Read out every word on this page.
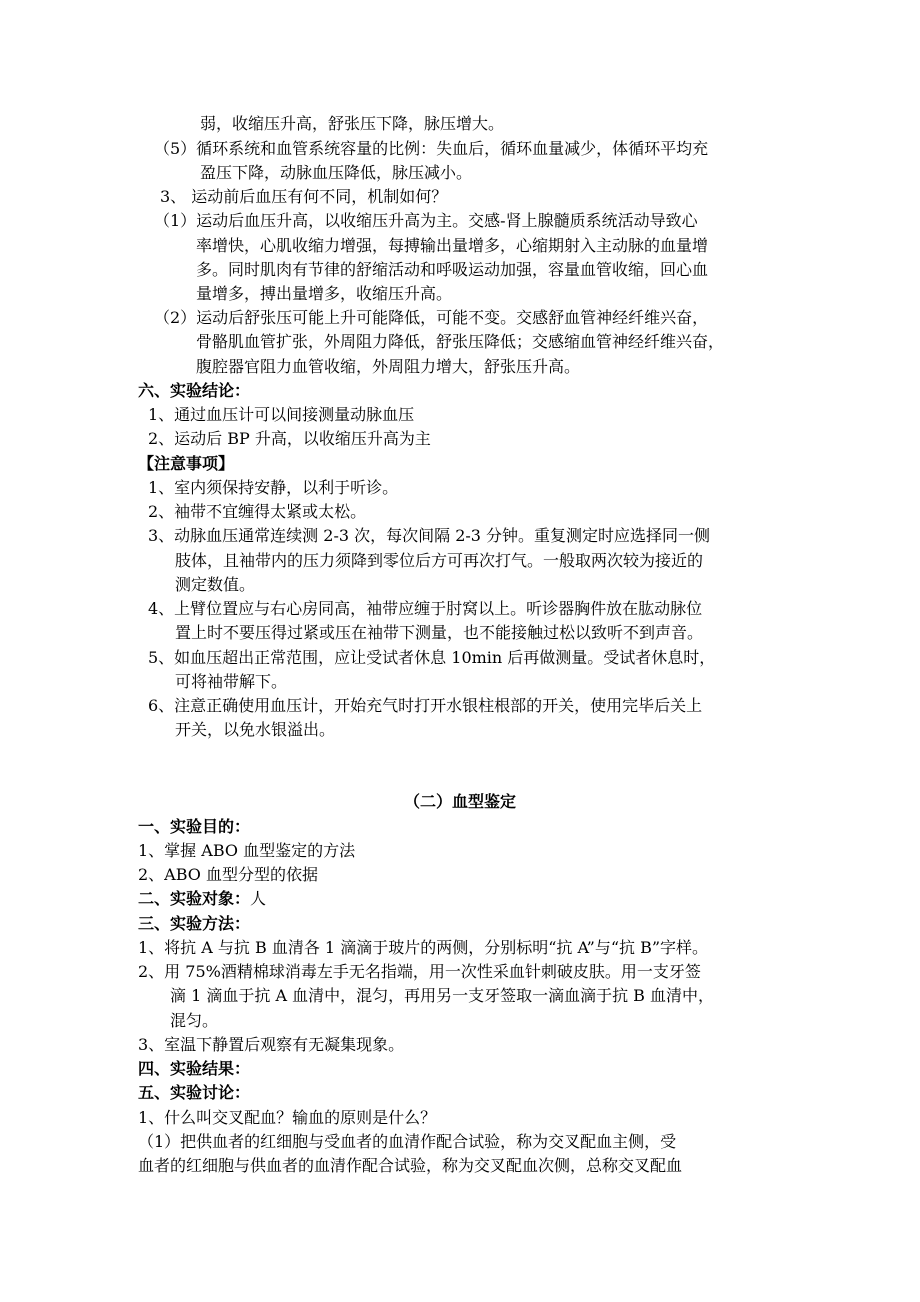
弱，收缩压升高，舒张压下降，脉压增大。
（5）循环系统和血管系统容量的比例：失血后，循环血量减少，体循环平均充
盈压下降，动脉血压降低，脉压减小。
3、 运动前后血压有何不同，机制如何？
（1）运动后血压升高，以收缩压升高为主。交感-肾上腺髓质系统活动导致心
率增快，心肌收缩力增强，每搏输出量增多，心缩期射入主动脉的血量增
多。同时肌肉有节律的舒缩活动和呼吸运动加强，容量血管收缩，回心血
量增多，搏出量增多，收缩压升高。
（2）运动后舒张压可能上升可能降低，可能不变。交感舒血管神经纤维兴奋，
骨骼肌血管扩张，外周阻力降低，舒张压降低；交感缩血管神经纤维兴奋，
腹腔器官阻力血管收缩，外周阻力增大，舒张压升高。
六、实验结论：
1、通过血压计可以间接测量动脉血压
2、运动后 BP 升高，以收缩压升高为主
【注意事项】
1、室内须保持安静，以利于听诊。
2、袖带不宜缠得太紧或太松。
3、动脉血压通常连续测 2-3 次，每次间隔 2-3 分钟。重复测定时应选择同一侧
肢体，且袖带内的压力须降到零位后方可再次打气。一般取两次较为接近的
测定数值。
4、上臂位置应与右心房同高，袖带应缠于肘窝以上。听诊器胸件放在肱动脉位
置上时不要压得过紧或压在袖带下测量，也不能接触过松以致听不到声音。
5、如血压超出正常范围，应让受试者休息 10min 后再做测量。受试者休息时，
可将袖带解下。
6、注意正确使用血压计，开始充气时打开水银柱根部的开关，使用完毕后关上
开关，以免水银溢出。
（二）血型鉴定
一、实验目的：
1、掌握 ABO 血型鉴定的方法
2、ABO 血型分型的依据
二、实验对象：人
三、实验方法：
1、将抗 A 与抗 B 血清各 1 滴滴于玻片的两侧，分别标明“抗 A”与“抗 B”字样。
2、用 75%酒精棉球消毒左手无名指端，用一次性采血针刺破皮肤。用一支牙签
滴 1 滴血于抗 A 血清中，混匀，再用另一支牙签取一滴血滴于抗 B 血清中，
混匀。
3、室温下静置后观察有无凝集现象。
四、实验结果：
五、实验讨论：
1、什么叫交叉配血？输血的原则是什么？
（1）把供血者的红细胞与受血者的血清作配合试验，称为交叉配血主侧，受
血者的红细胞与供血者的血清作配合试验，称为交叉配血次侧，总称交叉配血
